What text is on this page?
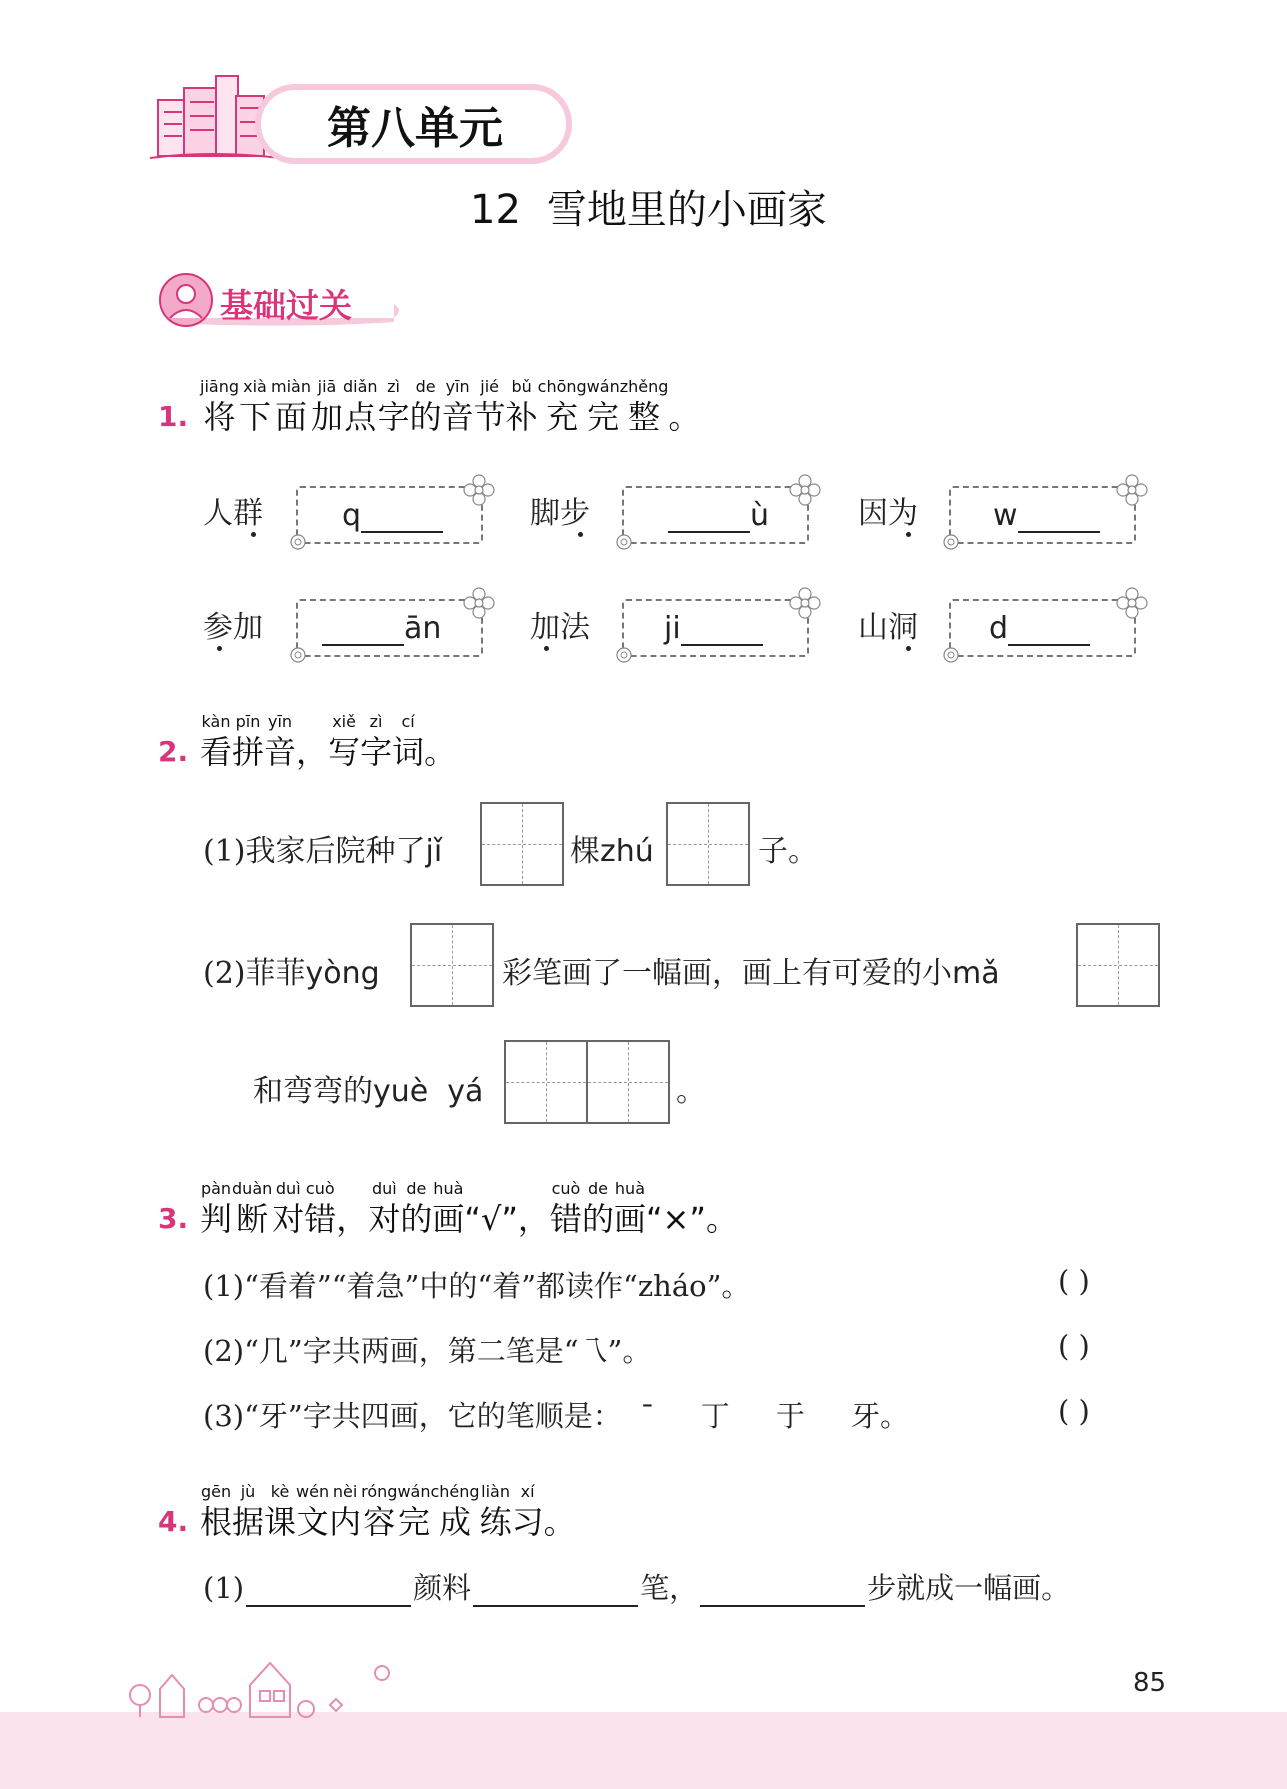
第八单元
12 雪地里的小画家
基础过关
1.
jiāng
将
xià
下
miàn
面
jiā
加
diǎn
点
zì
字
de
的
yīn
音
jié
节
bǔ
补
chōng
充
wán
完
zhěng
整 。
人群	q	脚步	ù	因为	w
参加	ān	加法 ji	山洞 d
2.
kàn
看
pīn
拼
yīn
音 ，
xiě
写
zì
字
cí
词 。
(1)我家后院种了jǐ	棵zhú	子。
(2)菲菲yòng	彩笔画了一幅画，画上有可爱的小mǎ
和弯弯的yuè  yá	。
3.
pàn
判
duàn
断
duì
对
cuò
错 ，
duì
对
de
的
huà
画 “√”，
cuò
错
de
的
huà
画 “×”。
(1)“看着”“着急”中的“着”都读作“zháo”。	( )
(2)“几”字共两画，第二笔是“乁”。	( )
(3)“牙”字共四画，它的笔顺是：  ˉ     丁     于     牙。	( )
4.
gēn
根
jù
据
kè
课
wén
文
nèi
内
róng
容
wán
完
chéng
成
liàn
练
xí
习 。
(1)	颜料	笔，	步就成一幅画。
85
